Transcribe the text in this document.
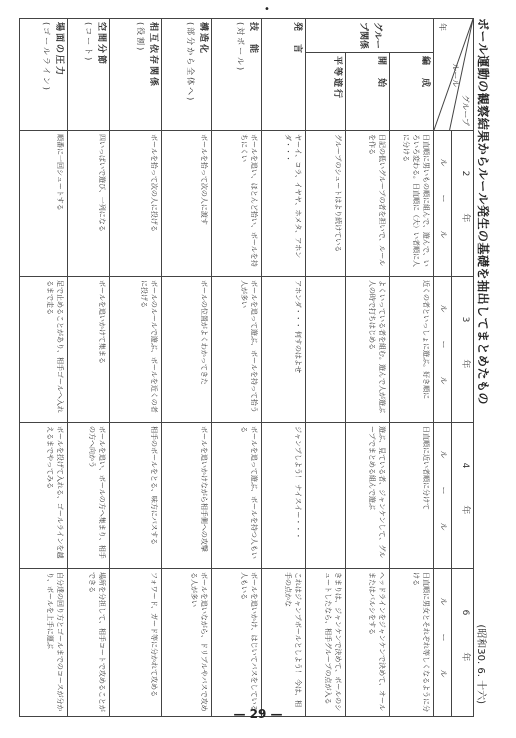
•
ボール運動の観察結果からルール発生の基礎を抽出してまとめたもの
(昭和30. 6. 十六)
グループ
ルール
年		2　年	3　年	4　年	6　年
		ル　ー　ル	ル　ー　ル	ル　ー　ル	ル　ー　ル
グループ関係	編　成	日直順に男いもの順に組んで、遊んで、いろいろ変わる。日直順に（大）い者順に人に分ける	近くの者といっしょに遊ぶ。好き順に	日直順に近い者順に分けて	日直順に男女とそれぞれ等しくなるように分ける
	開　始	日記の低いグループの者を担いで、ルールを作る	よくいっている者を組む。遊んで人が遊ぶ人の時で打ちはじめる	遊ぶ、見ている者、ジャンケンして、グループでまとめる組んで遊ぶ	ヘッドラインをジャンケンで決めて、オールまたはバルシをする
	平等遊行	グループのシュートはより続けている			きまりは、ジャンケンで決めて、ボールのシュートしたなら、相手グループの点が入る
発　言		ヤーイ、コラ、イヤヤ、ホメタ、アホンダ・・・	アホンダ・・・ 何すのはよせ	ジャンプしよう！ ナイスイー・・・	これはジャンプボールとしよう！ 今は、相手の点かな
技　能
(対ボール)		ボールを追い、ほとんど拾い、ボールを持ちにくい	ボールを追って遊ぶ、ボールを持って拾う人が多い	ボールを追って遊ぶ、ボールを持つ人もいる	ボールを追いかけ、はじいてパスをしている人もいる
構造化
(部分から全体へ)		ボールを拾って次の人に渡す	ボールの位置がよくわかってきた	ボールを追いかけながら相手側への攻撃	ボールを追いながら、ドリブルやパスで攻める人が多い
相互依存関係
(役割)		ボールを拾って次の人に投げる	ボールのルールで遊ぶ、ボールを近くの者に投げる	相手のボールをとる、味方にパスする	フォワード、ガード等に分かれて攻める
空間分節
(コート)		四いっぱいで遊び、一列になる	ボールを追いかけて集まる	ボールを追い、ボールの方へ集まり、相手の方へ向かう	場所を分担して、相手コートで攻めることができる
場面の圧力
(ゴールライン)		順番に一回シュートする	足で止めることがあり、相手ゴールへ入れるまで走る	ボールを投げて入れる、ゴールラインを越えるまでやってみる	自分達の回り方とゴールまでのコースが分かり、ボールを上手に運ぶ
— 29 —
